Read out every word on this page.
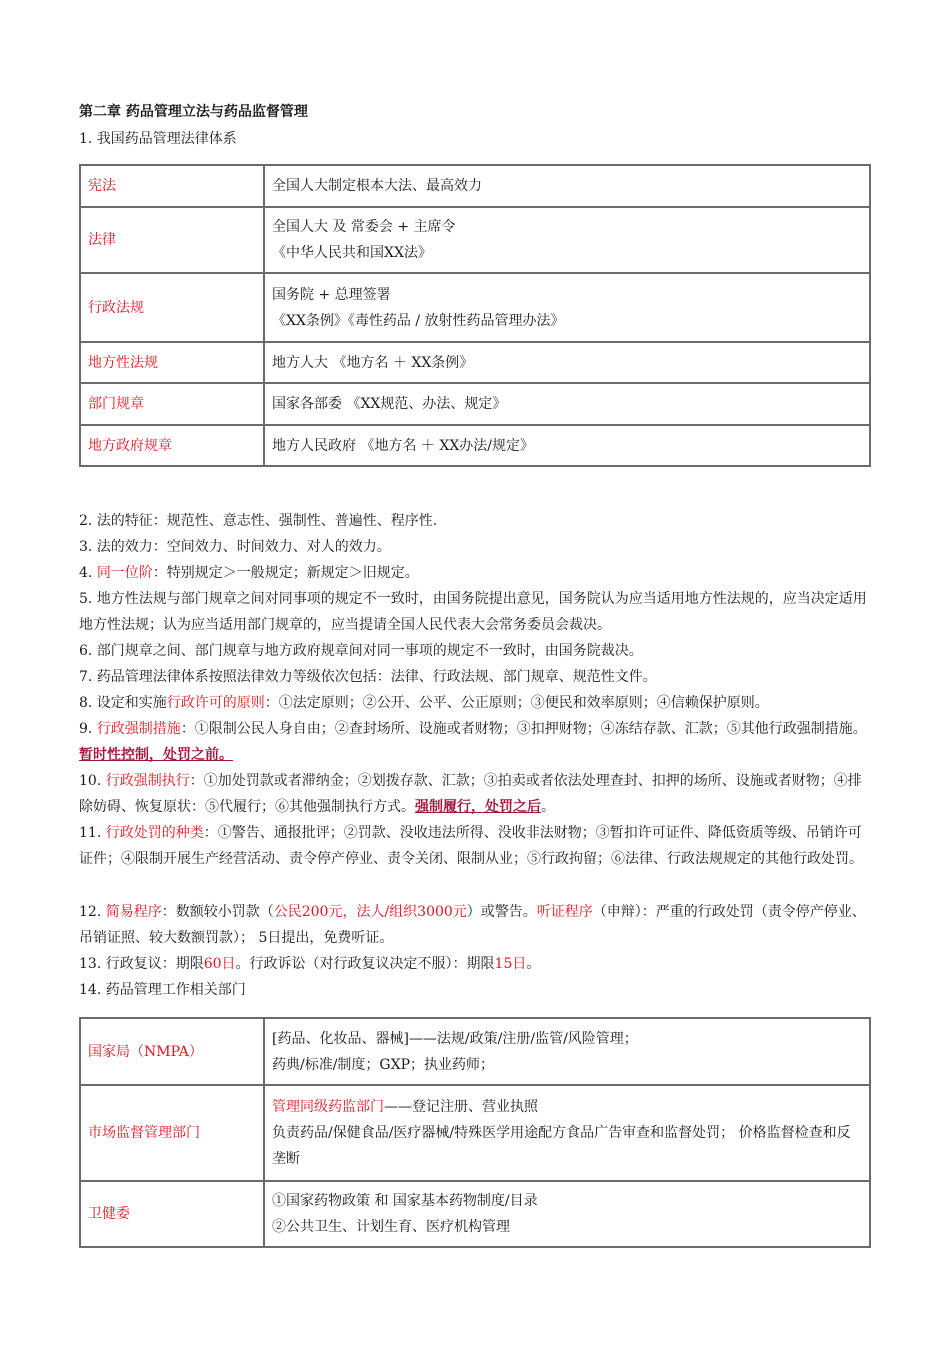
第二章 药品管理立法与药品监督管理
1. 我国药品管理法律体系
宪法	全国人大制定根本大法、最高效力

法律	全国人大 及 常委会 + 主席令
《中华人民共和国XX法》

行政法规	国务院 + 总理签署
《XX条例》《毒性药品 / 放射性药品管理办法》

地方性法规	地方人大 《地方名 ＋ XX条例》

部门规章	国家各部委 《XX规范、办法、规定》

地方政府规章	地方人民政府 《地方名 ＋ XX办法/规定》
2. 法的特征：规范性、意志性、强制性、普遍性、程序性.
3. 法的效力：空间效力、时间效力、对人的效力。
4. 同一位阶：特别规定＞一般规定；新规定＞旧规定。
5. 地方性法规与部门规章之间对同事项的规定不一致时，由国务院提出意见，国务院认为应当适用地方性法规的，应当决定适用地方性法规；认为应当适用部门规章的，应当提请全国人民代表大会常务委员会裁决。
6. 部门规章之间、部门规章与地方政府规章间对同一事项的规定不一致时，由国务院裁决。
7. 药品管理法律体系按照法律效力等级依次包括：法律、行政法规、部门规章、规范性文件。
8. 设定和实施行政许可的原则：①法定原则；②公开、公平、公正原则；③便民和效率原则；④信赖保护原则。
9. 行政强制措施：①限制公民人身自由；②查封场所、设施或者财物；③扣押财物；④冻结存款、汇款；⑤其他行政强制措施。 暂时性控制，处罚之前。
10. 行政强制执行：①加处罚款或者滞纳金；②划拨存款、汇款；③拍卖或者依法处理查封、扣押的场所、设施或者财物；④排除妨碍、恢复原状：⑤代履行；⑥其他强制执行方式。强制履行，处罚之后。
11. 行政处罚的种类：①警告、通报批评；②罚款、没收违法所得、没收非法财物；③暂扣许可证件、降低资质等级、吊销许可证件；④限制开展生产经营活动、责令停产停业、责令关闭、限制从业；⑤行政拘留；⑥法律、行政法规规定的其他行政处罚。
12. 简易程序：数额较小罚款（公民200元，法人/组织3000元）或警告。听证程序（申辩）：严重的行政处罚（责令停产停业、吊销证照、较大数额罚款）； 5日提出，免费听证。
13. 行政复议：期限60日。行政诉讼（对行政复议决定不服）：期限15日。
14. 药品管理工作相关部门
国家局（NMPA）	[药品、化妆品、器械]——法规/政策/注册/监管/风险管理；
药典/标准/制度；GXP；执业药师；

市场监督管理部门	管理同级药监部门——登记注册、营业执照
负责药品/保健食品/医疗器械/特殊医学用途配方食品广告审查和监督处罚； 价格监督检查和反垄断

卫健委	①国家药物政策 和 国家基本药物制度/目录
②公共卫生、计划生育、医疗机构管理
